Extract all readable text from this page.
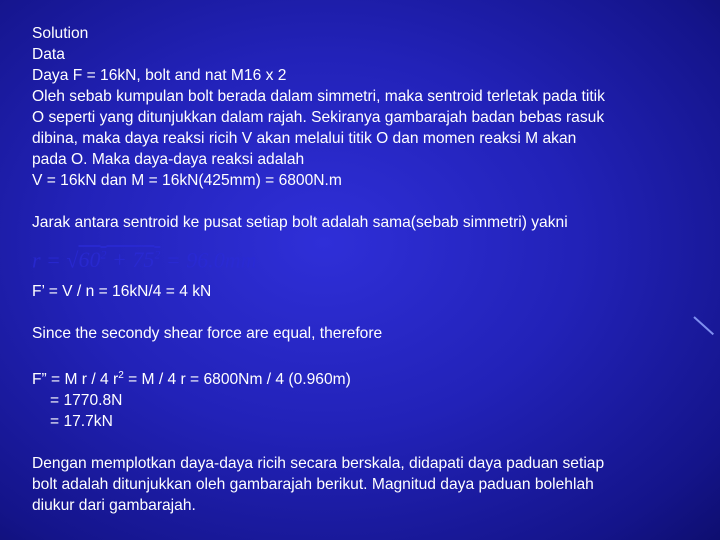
Solution
Data
Daya F = 16kN, bolt and nat M16 x 2
Oleh sebab kumpulan bolt berada dalam simmetri, maka sentroid terletak pada titik
O seperti yang ditunjukkan dalam rajah. Sekiranya gambarajah badan bebas rasuk
dibina, maka daya reaksi ricih V akan melalui titik O dan momen reaksi M akan
pada O. Maka daya-daya reaksi adalah
V = 16kN dan M = 16kN(425mm) = 6800N.m
Jarak antara sentroid ke pusat setiap bolt adalah sama(sebab simmetri) yakni
$r = √60^2 + 75^2 = 96.0mm$
F’ = V / n = 16kN/4 = 4 kN
Since the secondy shear force are equal, therefore
F” = M r / 4 $r^2 = M / 4$ r = 6800Nm / 4 (0.960m)
= 1770.8N
= 17.7kN
Dengan memplotkan daya-daya ricih secara berskala, didapati daya paduan setiap
bolt adalah ditunjukkan oleh gambarajah berikut. Magnitud daya paduan bolehlah
diukur dari gambarajah.
